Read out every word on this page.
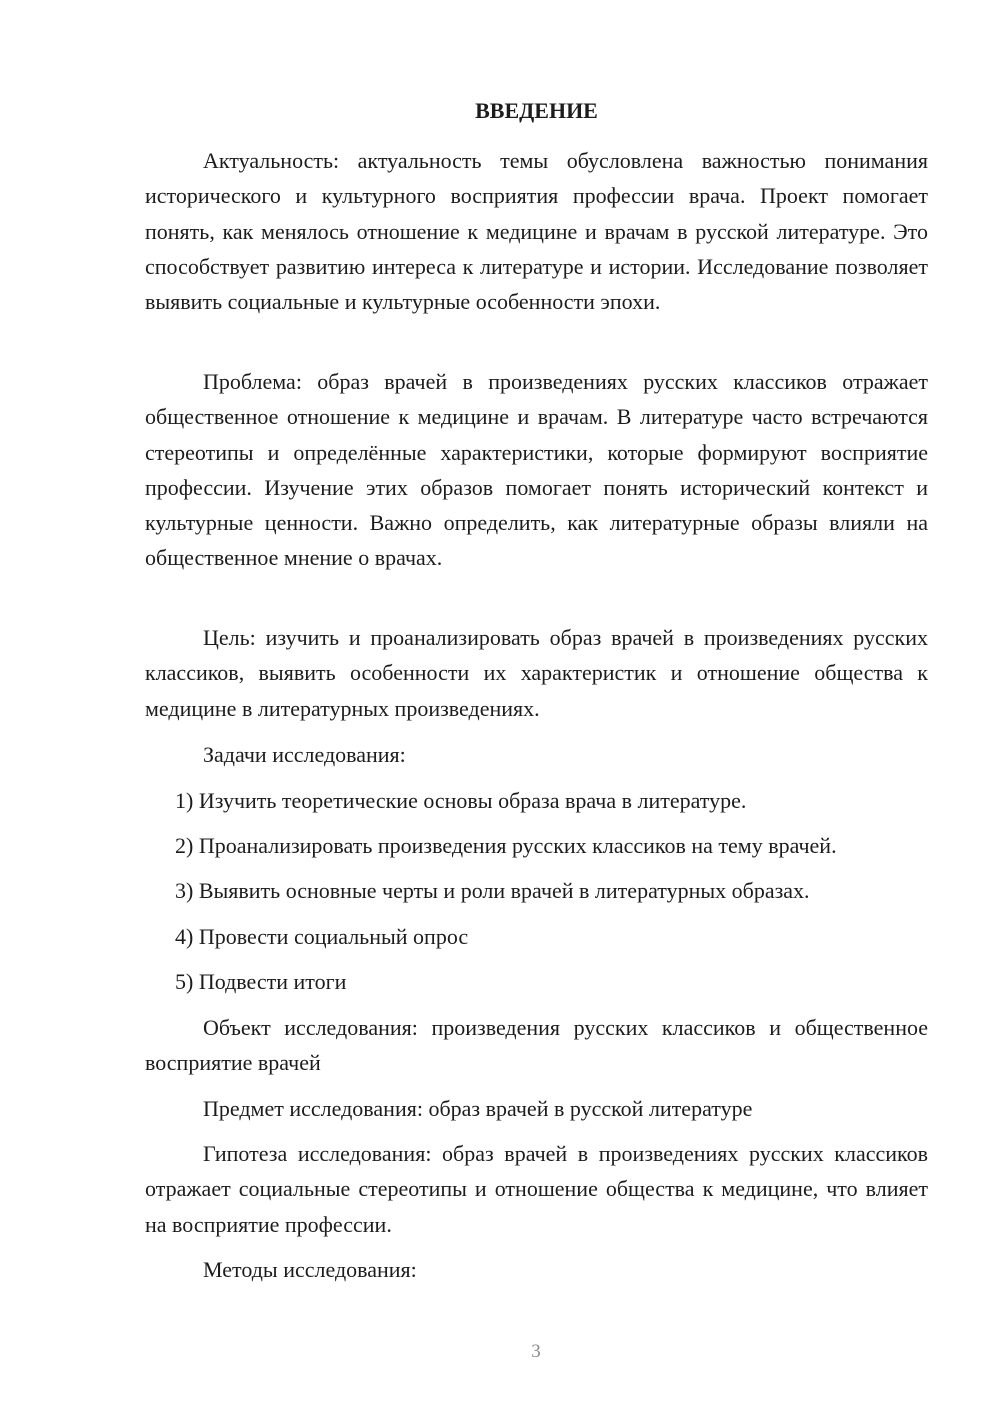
ВВЕДЕНИЕ

Актуальность: актуальность темы обусловлена важностью понимания исторического и культурного восприятия профессии врача. Проект помогает понять, как менялось отношение к медицине и врачам в русской литературе. Это способствует развитию интереса к литературе и истории. Исследование позволяет выявить социальные и культурные особенности эпохи.

Проблема: образ врачей в произведениях русских классиков отражает общественное отношение к медицине и врачам. В литературе часто встречаются стереотипы и определённые характеристики, которые формируют восприятие профессии. Изучение этих образов помогает понять исторический контекст и культурные ценности. Важно определить, как литературные образы влияли на общественное мнение о врачах.

Цель: изучить и проанализировать образ врачей в произведениях русских классиков, выявить особенности их характеристик и отношение общества к медицине в литературных произведениях.

Задачи исследования:

1) Изучить теоретические основы образа врача в литературе.

2) Проанализировать произведения русских классиков на тему врачей.

3) Выявить основные черты и роли врачей в литературных образах.

4) Провести социальный опрос

5) Подвести итоги

Объект исследования: произведения русских классиков и общественное восприятие врачей

Предмет исследования: образ врачей в русской литературе

Гипотеза исследования: образ врачей в произведениях русских классиков отражает социальные стереотипы и отношение общества к медицине, что влияет на восприятие профессии.

Методы исследования:

3
